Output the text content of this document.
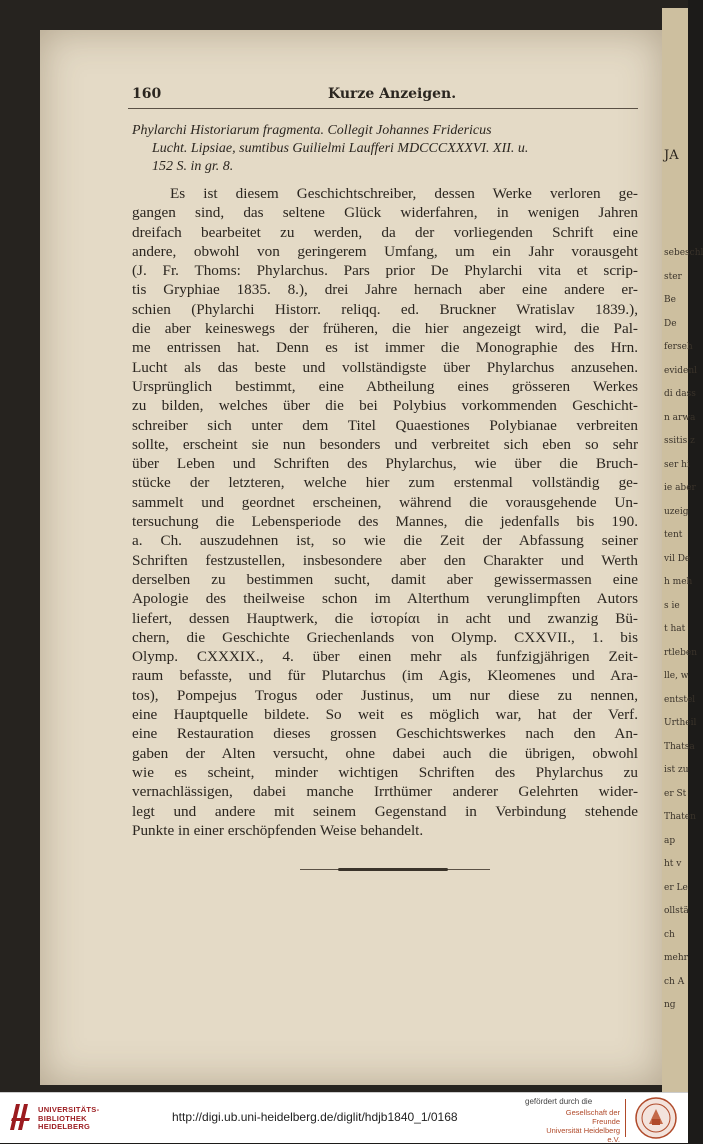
JA
sebeschl
ster
Be
De
ferseh
evidenl
di dass
n arwa
ssitis z
ser hi
ie aber
uzeig
tent
vil De
h meh
s ie
t hat
rtleben
lle, w
entstel
Urtheil
Thatsa
ist zu
er St
Thaten
ap
ht v
er Le
ollstä
ch
mehr
ch A
ng
160	Kurze Anzeigen.
Phylarchi Historiarum fragmenta. Collegit Johannes Fridericus
Lucht. Lipsiae, sumtibus Guilielmi Laufferi MDCCCXXXVI. XII. u.
152 S. in gr. 8.
Es ist diesem Geschichtschreiber, dessen Werke verloren ge-
gangen sind, das seltene Glück widerfahren, in wenigen Jahren
dreifach bearbeitet zu werden, da der vorliegenden Schrift eine
andere, obwohl von geringerem Umfang, um ein Jahr vorausgeht
(J. Fr. Thoms: Phylarchus. Pars prior De Phylarchi vita et scrip-
tis Gryphiae 1835. 8.), drei Jahre hernach aber eine andere er-
schien (Phylarchi Historr. reliqq. ed. Bruckner Wratislav 1839.),
die aber keineswegs der früheren, die hier angezeigt wird, die Pal-
me entrissen hat. Denn es ist immer die Monographie des Hrn.
Lucht als das beste und vollständigste über Phylarchus anzusehen.
Ursprünglich bestimmt, eine Abtheilung eines grösseren Werkes
zu bilden, welches über die bei Polybius vorkommenden Geschicht-
schreiber sich unter dem Titel Quaestiones Polybianae verbreiten
sollte, erscheint sie nun besonders und verbreitet sich eben so sehr
über Leben und Schriften des Phylarchus, wie über die Bruch-
stücke der letzteren, welche hier zum erstenmal vollständig ge-
sammelt und geordnet erscheinen, während die vorausgehende Un-
tersuchung die Lebensperiode des Mannes, die jedenfalls bis 190.
a. Ch. auszudehnen ist, so wie die Zeit der Abfassung seiner
Schriften festzustellen, insbesondere aber den Charakter und Werth
derselben zu bestimmen sucht, damit aber gewissermassen eine
Apologie des theilweise schon im Alterthum verunglimpften Autors
liefert, dessen Hauptwerk, die ἱστορίαι in acht und zwanzig Bü-
chern, die Geschichte Griechenlands von Olymp. CXXVII., 1. bis
Olymp. CXXXIX., 4. über einen mehr als funfzigjährigen Zeit-
raum befasste, und für Plutarchus (im Agis, Kleomenes und Ara-
tos), Pompejus Trogus oder Justinus, um nur diese zu nennen,
eine Hauptquelle bildete. So weit es möglich war, hat der Verf.
eine Restauration dieses grossen Geschichtswerkes nach den An-
gaben der Alten versucht, ohne dabei auch die übrigen, obwohl
wie es scheint, minder wichtigen Schriften des Phylarchus zu
vernachlässigen, dabei manche Irrthümer anderer Gelehrten wider-
legt und andere mit seinem Gegenstand in Verbindung stehende
Punkte in einer erschöpfenden Weise behandelt.
UNIVERSITÄTS-
BIBLIOTHEK
HEIDELBERG
http://digi.ub.uni-heidelberg.de/diglit/hdjb1840_1/0168
gefördert durch die
Gesellschaft der Freunde
Universität Heidelberg e.V.
